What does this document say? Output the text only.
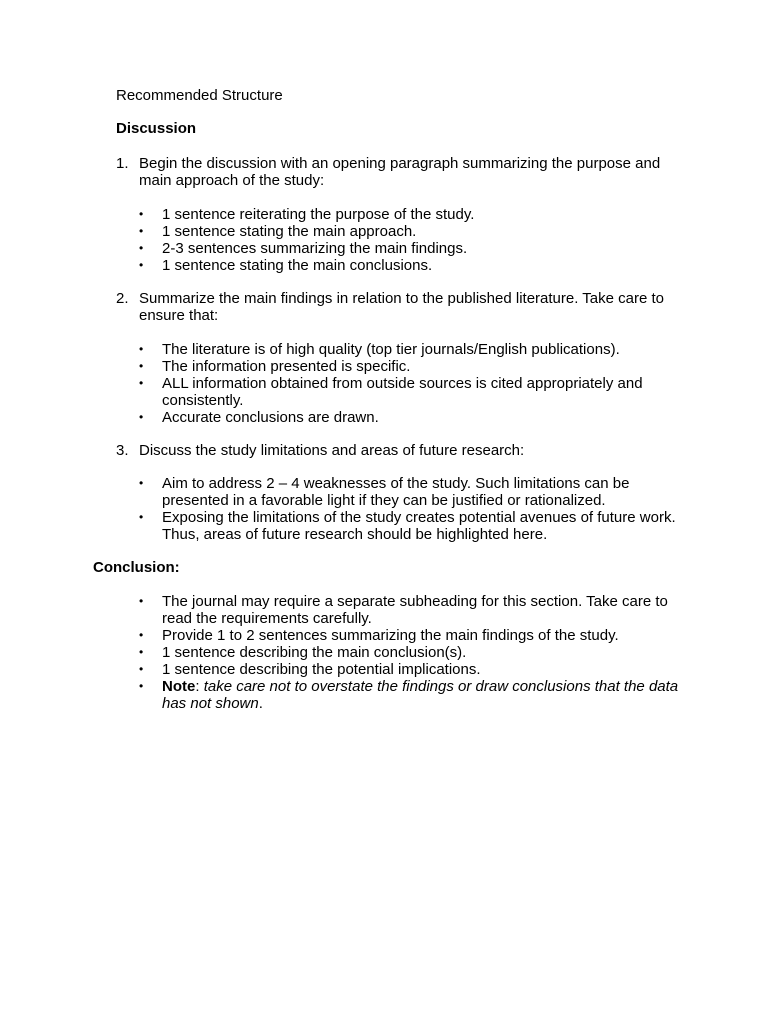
Recommended Structure
Discussion
1. Begin the discussion with an opening paragraph summarizing the purpose and main approach of the study:
• 1 sentence reiterating the purpose of the study.
• 1 sentence stating the main approach.
• 2-3 sentences summarizing the main findings.
• 1 sentence stating the main conclusions.
2. Summarize the main findings in relation to the published literature. Take care to ensure that:
• The literature is of high quality (top tier journals/English publications).
• The information presented is specific.
• ALL information obtained from outside sources is cited appropriately and consistently.
• Accurate conclusions are drawn.
3. Discuss the study limitations and areas of future research:
• Aim to address 2 – 4 weaknesses of the study. Such limitations can be presented in a favorable light if they can be justified or rationalized.
• Exposing the limitations of the study creates potential avenues of future work. Thus, areas of future research should be highlighted here.
Conclusion:
• The journal may require a separate subheading for this section. Take care to read the requirements carefully.
• Provide 1 to 2 sentences summarizing the main findings of the study.
• 1 sentence describing the main conclusion(s).
• 1 sentence describing the potential implications.
• Note: take care not to overstate the findings or draw conclusions that the data has not shown.
